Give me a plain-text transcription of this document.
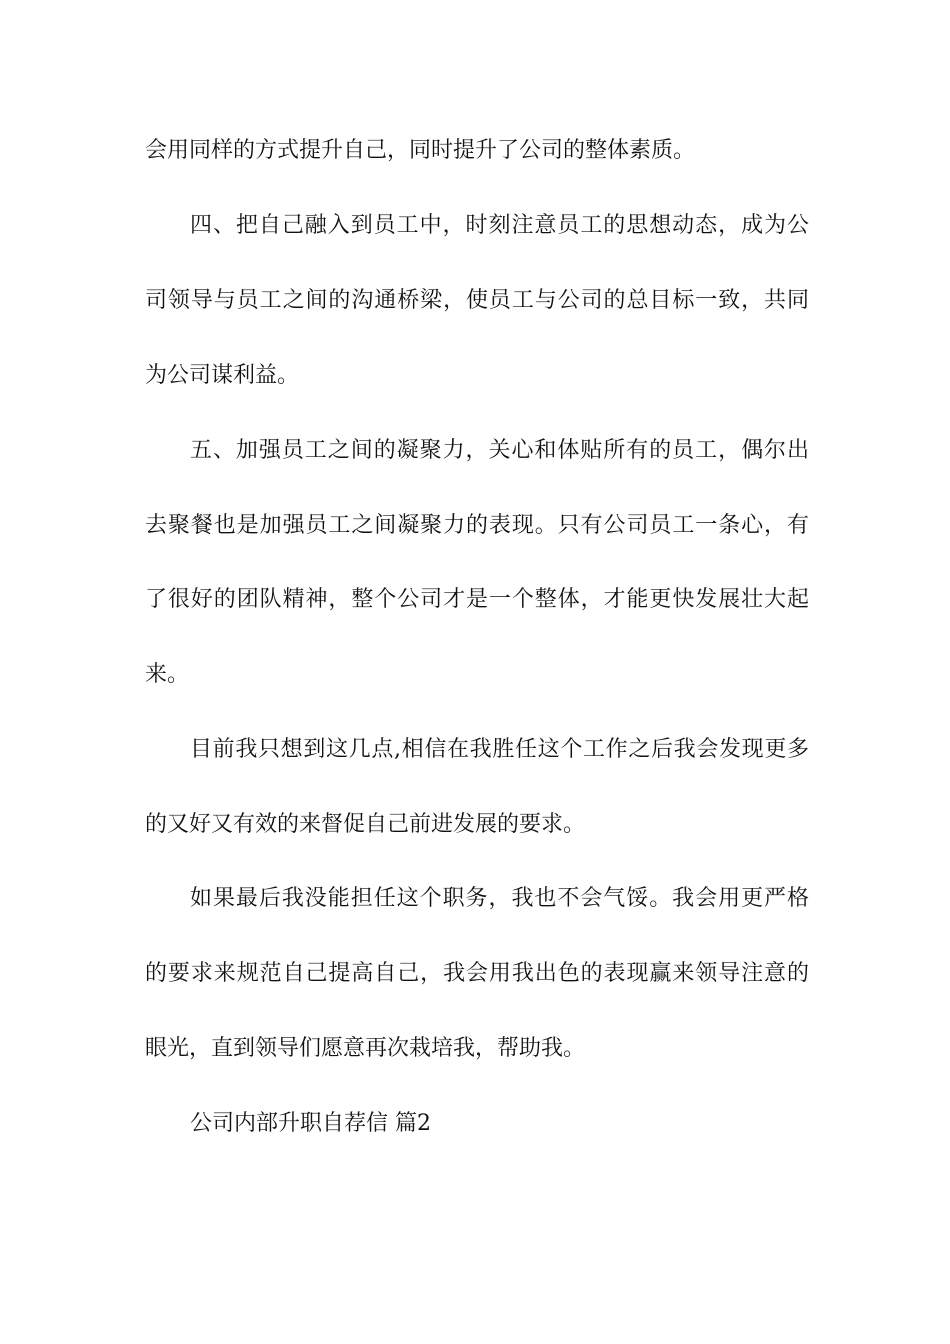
会用同样的方式提升自己，同时提升了公司的整体素质。
四、把自己融入到员工中，时刻注意员工的思想动态，成为公
司领导与员工之间的沟通桥梁，使员工与公司的总目标一致，共同
为公司谋利益。
五、加强员工之间的凝聚力，关心和体贴所有的员工，偶尔出
去聚餐也是加强员工之间凝聚力的表现。只有公司员工一条心，有
了很好的团队精神，整个公司才是一个整体，才能更快发展壮大起
来。
目前我只想到这几点,相信在我胜任这个工作之后我会发现更多
的又好又有效的来督促自己前进发展的要求。
如果最后我没能担任这个职务，我也不会气馁。我会用更严格
的要求来规范自己提高自己，我会用我出色的表现赢来领导注意的
眼光，直到领导们愿意再次栽培我，帮助我。
公司内部升职自荐信 篇2
